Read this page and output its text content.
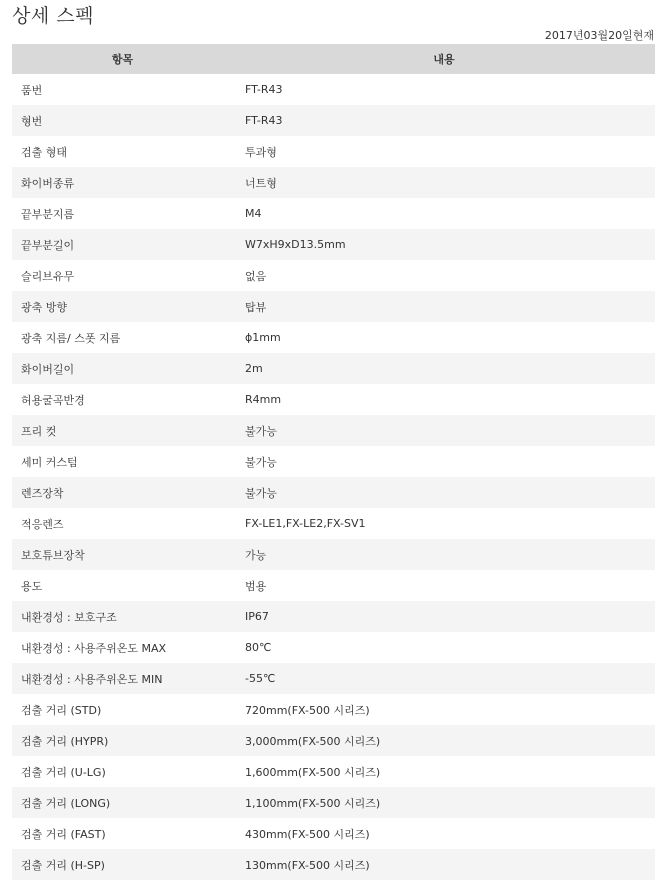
상세 스펙
2017년03월20일현재
항목	내용
품번	FT-R43
형번	FT-R43
검출 형태	투과형
화이버종류	너트형
끝부분지름	M4
끝부분길이	W7xH9xD13.5mm
슬리브유무	없음
광축 방향	탑뷰
광축 지름/ 스폿 지름	ϕ1mm
화이버길이	2m
허용굴곡반경	R4mm
프리 컷	불가능
세미 커스텀	불가능
렌즈장착	불가능
적응렌즈	FX-LE1,FX-LE2,FX-SV1
보호튜브장착	가능
용도	범용
내환경성 : 보호구조	IP67
내환경성 : 사용주위온도 MAX	80℃
내환경성 : 사용주위온도 MIN	-55℃
검출 거리 (STD)	720mm(FX-500 시리즈)
검출 거리 (HYPR)	3,000mm(FX-500 시리즈)
검출 거리 (U-LG)	1,600mm(FX-500 시리즈)
검출 거리 (LONG)	1,100mm(FX-500 시리즈)
검출 거리 (FAST)	430mm(FX-500 시리즈)
검출 거리 (H-SP)	130mm(FX-500 시리즈)
